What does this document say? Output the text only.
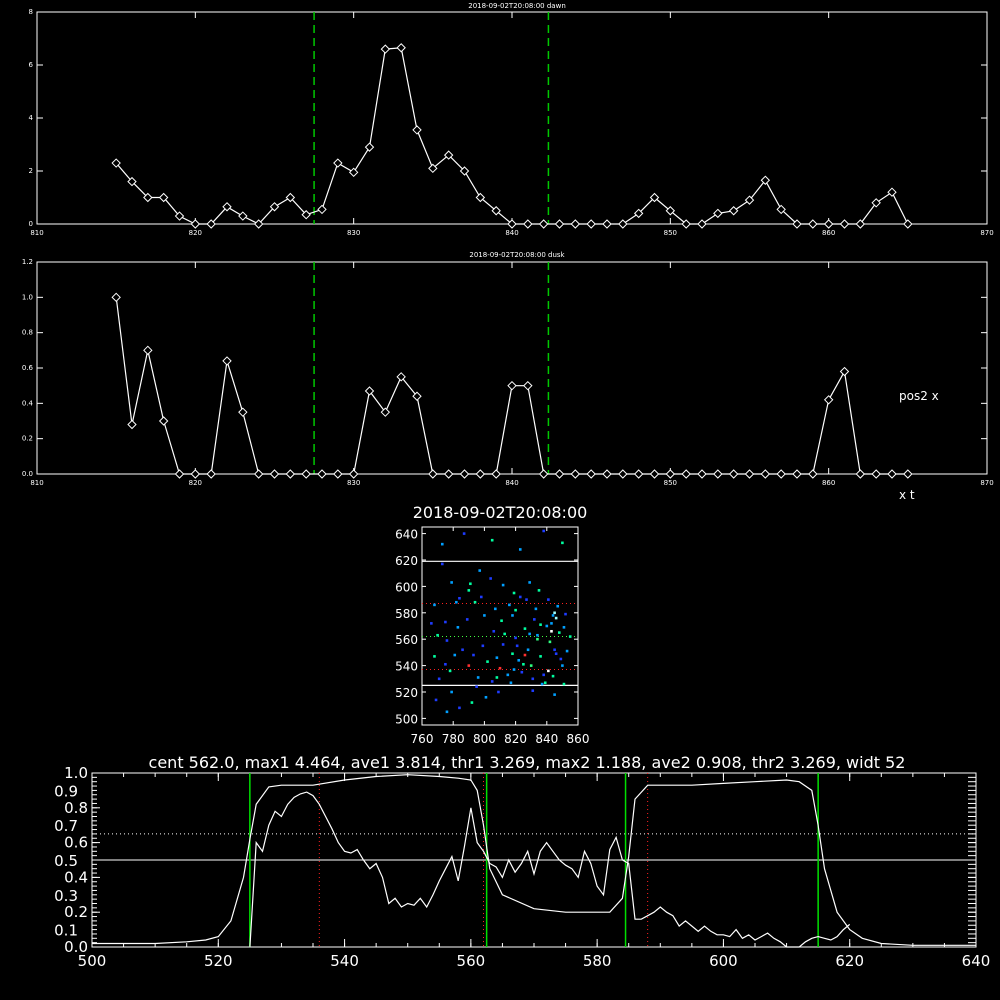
2018-09-02T20:08:00 dawn
810	820	830	840	850	860	870
0
2
4
6
8
2018-09-02T20:08:00 dusk
810	820	830	840	850	860	870
0.0
0.2
0.4
0.6
0.8
1.0
1.2
pos2 x
x t
2018-09-02T20:08:00
760 780 800 820 840 860
500
520
540
560
580
600
620
640
cent 562.0, max1 4.464, ave1 3.814, thr1 3.269, max2 1.188, ave2 0.908, thr2 3.269, widt 52
500	520	540	560	580	600	620	640
0.0
0.2
0.4
0.6
0.8
1.0
0.1
0.3
0.5
0.7
0.9
